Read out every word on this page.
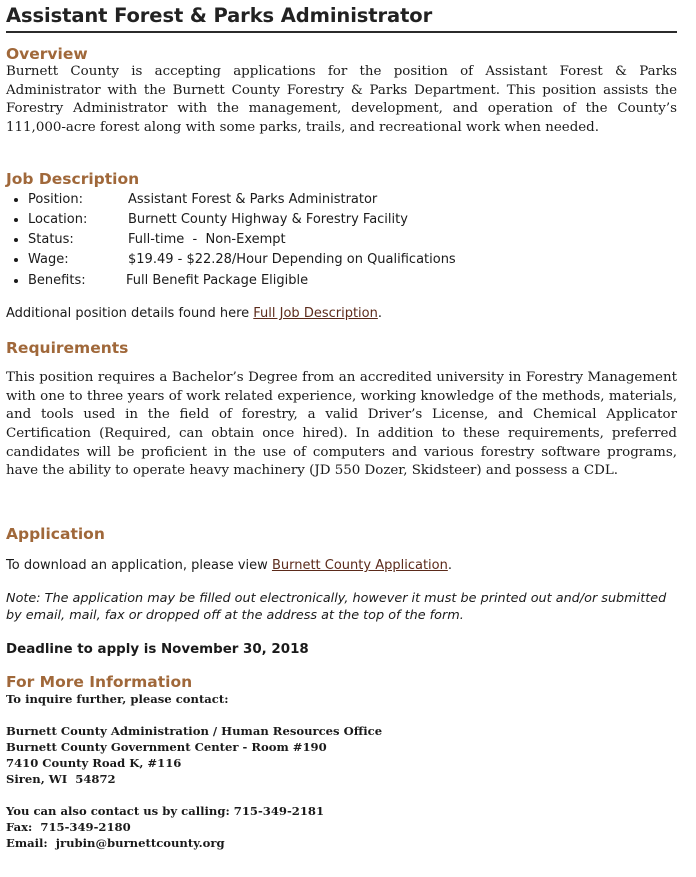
Assistant Forest & Parks Administrator
Overview

Burnett County is accepting applications for the position of Assistant Forest & Parks Administrator with the Burnett County Forestry & Parks Department. This position assists the Forestry Administrator with the management, development, and operation of the County’s 111,000-acre forest along with some parks, trails, and recreational work when needed.

Job Description
• Position:	Assistant Forest & Parks Administrator
• Location:	Burnett County Highway & Forestry Facility
• Status:	Full-time  -  Non-Exempt
• Wage:	$19.49 - $22.28/Hour Depending on Qualifications
• Benefits:	Full Benefit Package Eligible

Additional position details found here Full Job Description.

Requirements

This position requires a Bachelor’s Degree from an accredited university in Forestry Management with one to three years of work related experience, working knowledge of the methods, materials, and tools used in the field of forestry, a valid Driver’s License, and Chemical Applicator Certification (Required, can obtain once hired). In addition to these requirements, preferred candidates will be proficient in the use of computers and various forestry software programs, have the ability to operate heavy machinery (JD 550 Dozer, Skidsteer) and possess a CDL.

Application

To download an application, please view Burnett County Application.

Note: The application may be filled out electronically, however it must be printed out and/or submitted by email, mail, fax or dropped off at the address at the top of the form.

Deadline to apply is November 30, 2018

For More Information

To inquire further, please contact:

Burnett County Administration / Human Resources Office

Burnett County Government Center - Room #190

7410 County Road K, #116

Siren, WI  54872

You can also contact us by calling: 715-349-2181

Fax:  715-349-2180

Email:  jrubin@burnettcounty.org
